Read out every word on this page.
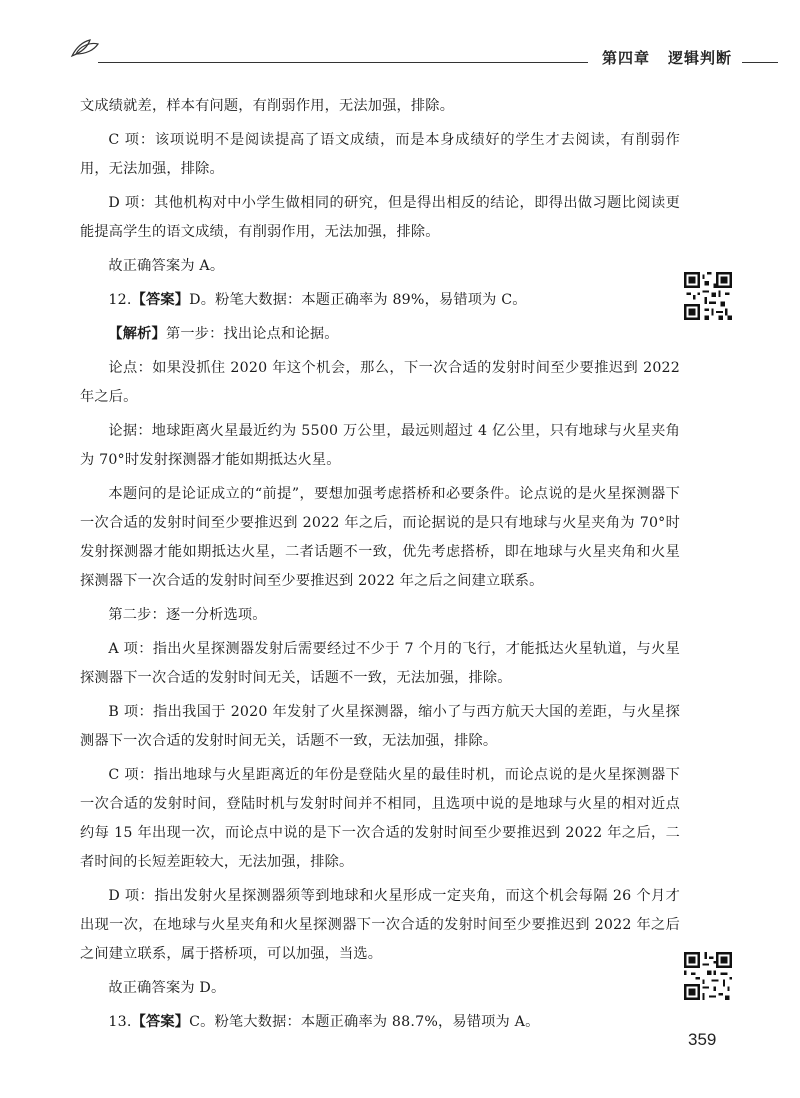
第四章 逻辑判断

文成绩就差，样本有问题，有削弱作用，无法加强，排除。

C 项：该项说明不是阅读提高了语文成绩，而是本身成绩好的学生才去阅读，有削弱作用，无法加强，排除。

D 项：其他机构对中小学生做相同的研究，但是得出相反的结论，即得出做习题比阅读更能提高学生的语文成绩，有削弱作用，无法加强，排除。

故正确答案为 A。

12.【答案】D。粉笔大数据：本题正确率为 89%，易错项为 C。

【解析】第一步：找出论点和论据。

论点：如果没抓住 2020 年这个机会，那么，下一次合适的发射时间至少要推迟到 2022 年之后。

论据：地球距离火星最近约为 5500 万公里，最远则超过 4 亿公里，只有地球与火星夹角为 70°时发射探测器才能如期抵达火星。

本题问的是论证成立的“前提”，要想加强考虑搭桥和必要条件。论点说的是火星探测器下一次合适的发射时间至少要推迟到 2022 年之后，而论据说的是只有地球与火星夹角为 70°时发射探测器才能如期抵达火星，二者话题不一致，优先考虑搭桥，即在地球与火星夹角和火星探测器下一次合适的发射时间至少要推迟到 2022 年之后之间建立联系。

第二步：逐一分析选项。

A 项：指出火星探测器发射后需要经过不少于 7 个月的飞行，才能抵达火星轨道，与火星探测器下一次合适的发射时间无关，话题不一致，无法加强，排除。

B 项：指出我国于 2020 年发射了火星探测器，缩小了与西方航天大国的差距，与火星探测器下一次合适的发射时间无关，话题不一致，无法加强，排除。

C 项：指出地球与火星距离近的年份是登陆火星的最佳时机，而论点说的是火星探测器下一次合适的发射时间，登陆时机与发射时间并不相同，且选项中说的是地球与火星的相对近点约每 15 年出现一次，而论点中说的是下一次合适的发射时间至少要推迟到 2022 年之后，二者时间的长短差距较大，无法加强，排除。

D 项：指出发射火星探测器须等到地球和火星形成一定夹角，而这个机会每隔 26 个月才出现一次，在地球与火星夹角和火星探测器下一次合适的发射时间至少要推迟到 2022 年之后之间建立联系，属于搭桥项，可以加强，当选。

故正确答案为 D。

13.【答案】C。粉笔大数据：本题正确率为 88.7%，易错项为 A。

359
